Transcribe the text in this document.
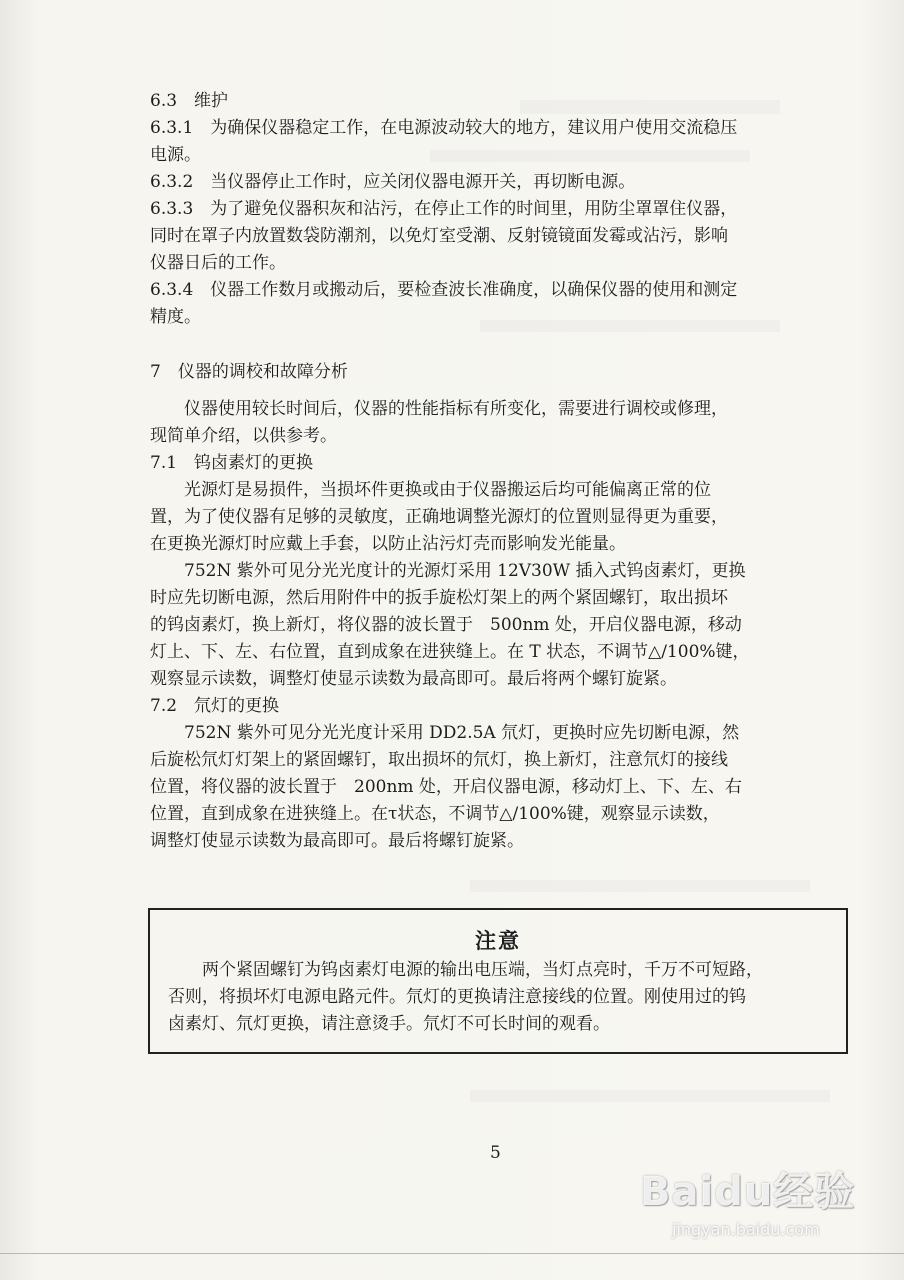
6.3　维护
6.3.1　为确保仪器稳定工作，在电源波动较大的地方，建议用户使用交流稳压
电源。
6.3.2　当仪器停止工作时，应关闭仪器电源开关，再切断电源。
6.3.3　为了避免仪器积灰和沾污，在停止工作的时间里，用防尘罩罩住仪器，
同时在罩子内放置数袋防潮剂，以免灯室受潮、反射镜镜面发霉或沾污，影响
仪器日后的工作。
6.3.4　仪器工作数月或搬动后，要检查波长准确度，以确保仪器的使用和测定
精度。
7　仪器的调校和故障分析
仪器使用较长时间后，仪器的性能指标有所变化，需要进行调校或修理，
现简单介绍，以供参考。
7.1　钨卤素灯的更换
光源灯是易损件，当损坏件更换或由于仪器搬运后均可能偏离正常的位
置，为了使仪器有足够的灵敏度，正确地调整光源灯的位置则显得更为重要，
在更换光源灯时应戴上手套，以防止沾污灯壳而影响发光能量。
752N 紫外可见分光光度计的光源灯采用 12V30W 插入式钨卤素灯，更换
时应先切断电源，然后用附件中的扳手旋松灯架上的两个紧固螺钉，取出损坏
的钨卤素灯，换上新灯，将仪器的波长置于　500nm 处，开启仪器电源，移动
灯上、下、左、右位置，直到成象在进狭缝上。在 T 状态，不调节△/100%键，
观察显示读数，调整灯使显示读数为最高即可。最后将两个螺钉旋紧。
7.2　氘灯的更换
752N 紫外可见分光光度计采用 DD2.5A 氘灯，更换时应先切断电源，然
后旋松氘灯灯架上的紧固螺钉，取出损坏的氘灯，换上新灯，注意氘灯的接线
位置，将仪器的波长置于　200nm 处，开启仪器电源，移动灯上、下、左、右
位置，直到成象在进狭缝上。在τ状态，不调节△/100%键，观察显示读数，
调整灯使显示读数为最高即可。最后将螺钉旋紧。
注意
　　两个紧固螺钉为钨卤素灯电源的输出电压端，当灯点亮时，千万不可短路，
否则，将损坏灯电源电路元件。氘灯的更换请注意接线的位置。刚使用过的钨
卤素灯、氘灯更换，请注意烫手。氘灯不可长时间的观看。
5
Baidu经验
jingyan.baidu.com
